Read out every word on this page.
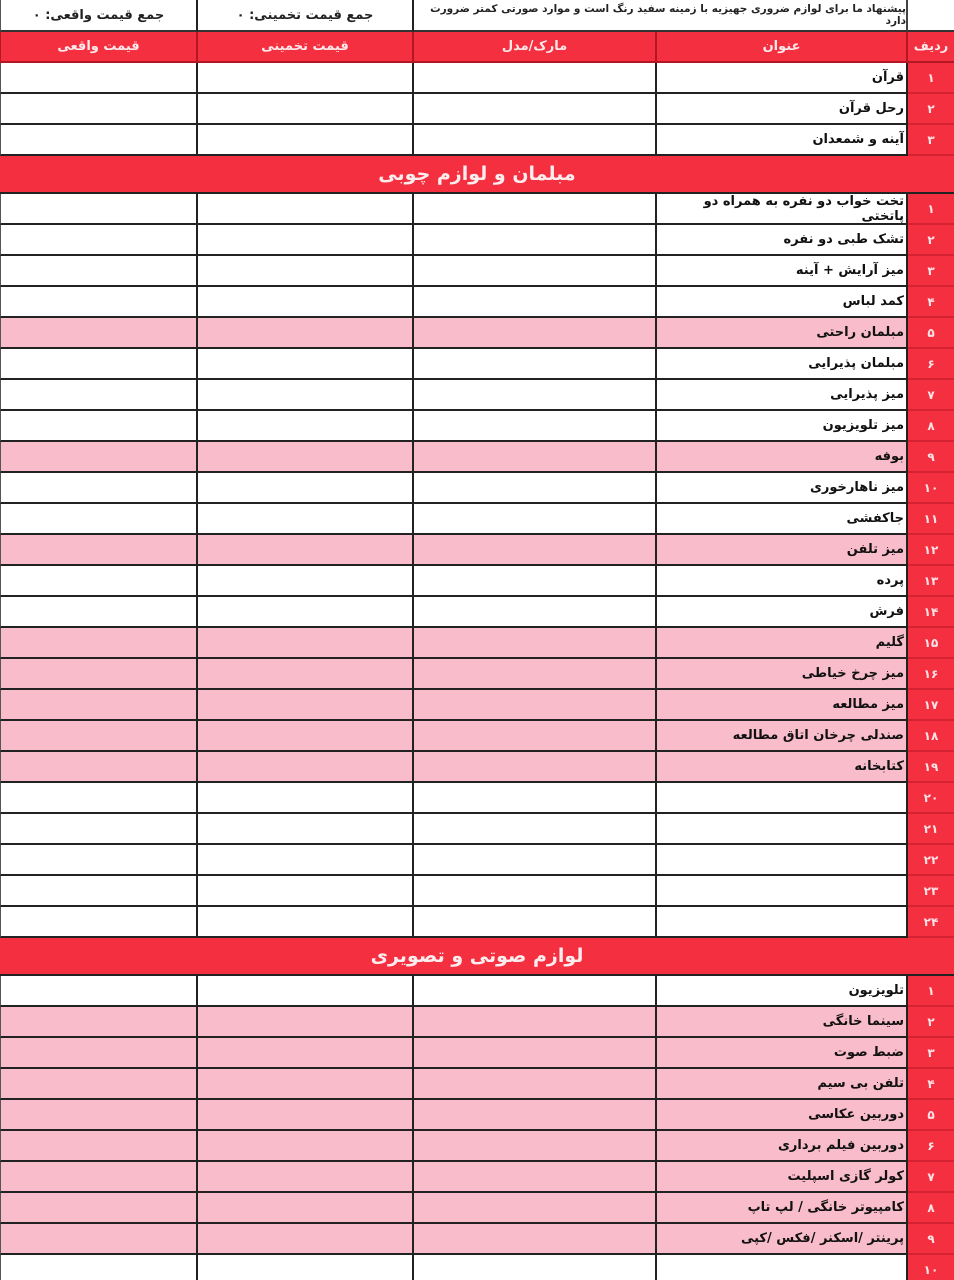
جمع قیمت واقعی: ۰	جمع قیمت تخمینی: ۰	پیشنهاد ما برای لوازم ضروری جهیزیه با زمینه سفید رنگ است و موارد صورتی کمتر ضرورت دارد
قیمت واقعی	قیمت تخمینی	مارک/مدل	عنوان	ردیف
قرآن	۱
رحل قرآن	۲
آینه و شمعدان	۳
مبلمان و لوازم چوبی
تخت خواب دو نفره به همراه دو پاتختی	۱
تشک طبی دو نفره	۲
میز آرایش + آینه	۳
کمد لباس	۴
مبلمان راحتی	۵
مبلمان پذیرایی	۶
میز پذیرایی	۷
میز تلویزیون	۸
بوفه	۹
میز ناهارخوری	۱۰
جاکفشی	۱۱
میز تلفن	۱۲
پرده	۱۳
فرش	۱۴
گلیم	۱۵
میز چرخ خیاطی	۱۶
میز مطالعه	۱۷
صندلی چرخان اتاق مطالعه	۱۸
کتابخانه	۱۹
۲۰
۲۱
۲۲
۲۳
۲۴
لوازم صوتی و تصویری
تلویزیون	۱
سینما خانگی	۲
ضبط صوت	۳
تلفن بی سیم	۴
دوربین عکاسی	۵
دوربین فیلم برداری	۶
کولر گازی اسپلیت	۷
کامپیوتر خانگی / لپ تاپ	۸
پرینتر /اسکنر /فکس /کپی	۹
۱۰
